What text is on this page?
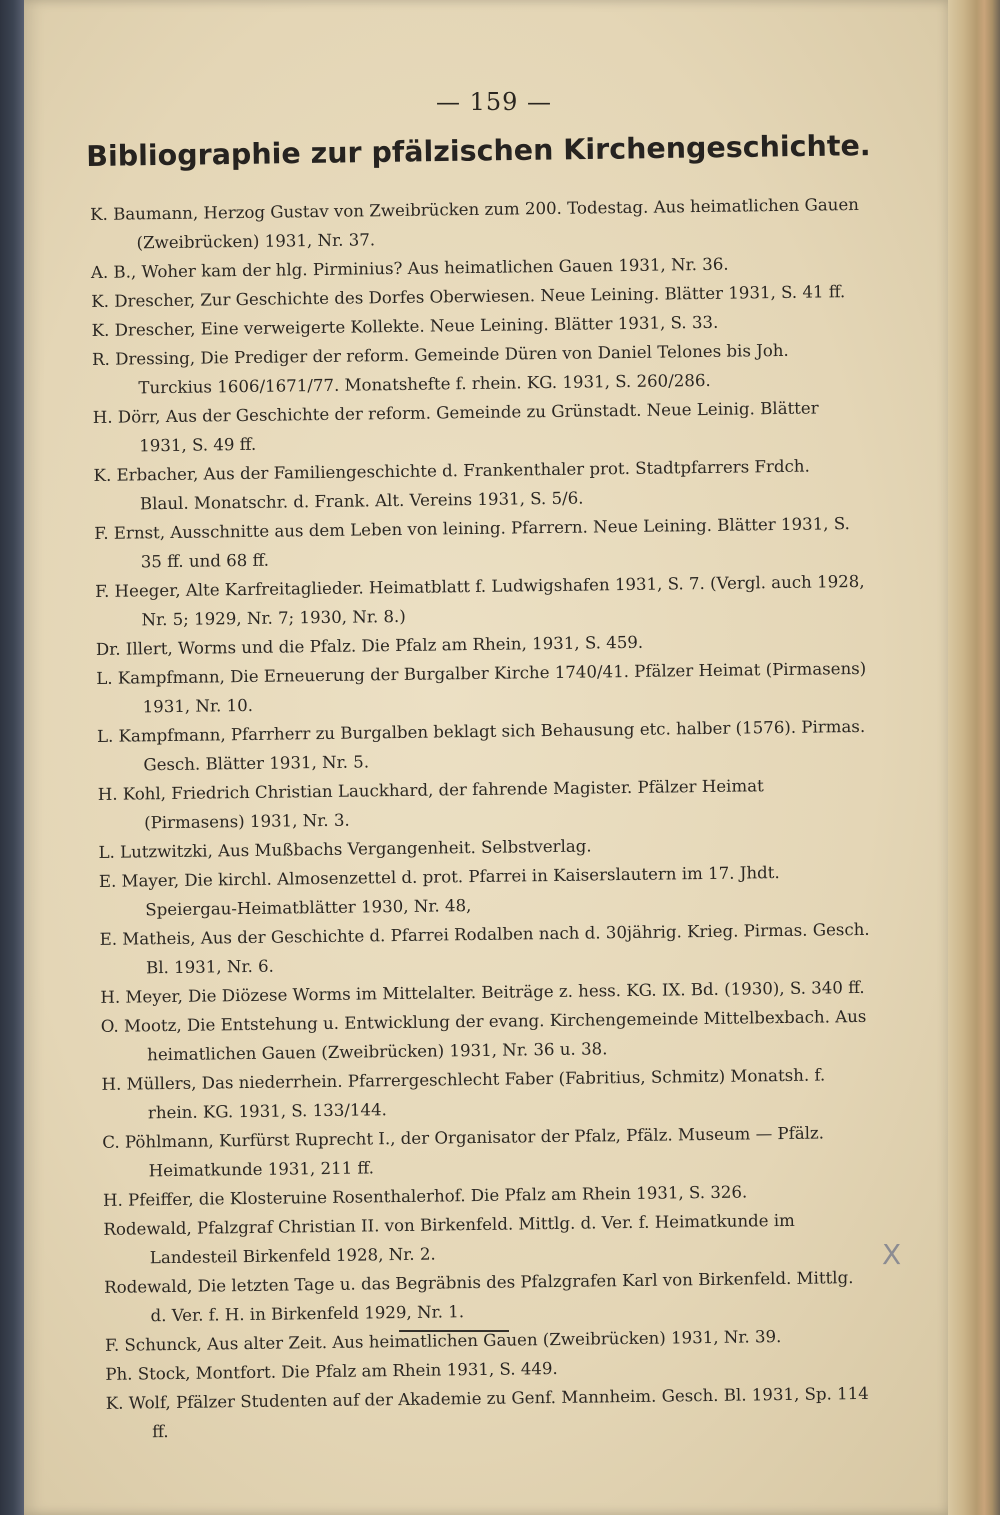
— 159 —
Bibliographie zur pfälzischen Kirchengeschichte.
K. Baumann, Herzog Gustav von Zweibrücken zum 200. Todestag. Aus heimatlichen Gauen (Zweibrücken) 1931, Nr. 37.
A. B., Woher kam der hlg. Pirminius? Aus heimatlichen Gauen 1931, Nr. 36.
K. Drescher, Zur Geschichte des Dorfes Oberwiesen. Neue Leining. Blätter 1931, S. 41 ff.
K. Drescher, Eine verweigerte Kollekte. Neue Leining. Blätter 1931, S. 33.
R. Dressing, Die Prediger der reform. Gemeinde Düren von Daniel Telones bis Joh. Turckius 1606/1671/77. Monatshefte f. rhein. KG. 1931, S. 260/286.
H. Dörr, Aus der Geschichte der reform. Gemeinde zu Grünstadt. Neue Leinig. Blätter 1931, S. 49 ff.
K. Erbacher, Aus der Familiengeschichte d. Frankenthaler prot. Stadtpfarrers Frdch. Blaul. Monatschr. d. Frank. Alt. Vereins 1931, S. 5/6.
F. Ernst, Ausschnitte aus dem Leben von leining. Pfarrern. Neue Leining. Blätter 1931, S. 35 ff. und 68 ff.
F. Heeger, Alte Karfreitaglieder. Heimatblatt f. Ludwigshafen 1931, S. 7. (Vergl. auch 1928, Nr. 5; 1929, Nr. 7; 1930, Nr. 8.)
Dr. Illert, Worms und die Pfalz. Die Pfalz am Rhein, 1931, S. 459.
L. Kampfmann, Die Erneuerung der Burgalber Kirche 1740/41. Pfälzer Heimat (Pirmasens) 1931, Nr. 10.
L. Kampfmann, Pfarrherr zu Burgalben beklagt sich Behausung etc. halber (1576). Pirmas. Gesch. Blätter 1931, Nr. 5.
H. Kohl, Friedrich Christian Lauckhard, der fahrende Magister. Pfälzer Heimat (Pirmasens) 1931, Nr. 3.
L. Lutzwitzki, Aus Mußbachs Vergangenheit. Selbstverlag.
E. Mayer, Die kirchl. Almosenzettel d. prot. Pfarrei in Kaiserslautern im 17. Jhdt. Speiergau-Heimatblätter 1930, Nr. 48,
E. Matheis, Aus der Geschichte d. Pfarrei Rodalben nach d. 30jährig. Krieg. Pirmas. Gesch. Bl. 1931, Nr. 6.
H. Meyer, Die Diözese Worms im Mittelalter. Beiträge z. hess. KG. IX. Bd. (1930), S. 340 ff.
O. Mootz, Die Entstehung u. Entwicklung der evang. Kirchengemeinde Mittelbexbach. Aus heimatlichen Gauen (Zweibrücken) 1931, Nr. 36 u. 38.
H. Müllers, Das niederrhein. Pfarrergeschlecht Faber (Fabritius, Schmitz) Monatsh. f. rhein. KG. 1931, S. 133/144.
C. Pöhlmann, Kurfürst Ruprecht I., der Organisator der Pfalz, Pfälz. Museum — Pfälz. Heimatkunde 1931, 211 ff.
H. Pfeiffer, die Klosteruine Rosenthalerhof. Die Pfalz am Rhein 1931, S. 326.
Rodewald, Pfalzgraf Christian II. von Birkenfeld. Mittlg. d. Ver. f. Heimatkunde im Landesteil Birkenfeld 1928, Nr. 2.
Rodewald, Die letzten Tage u. das Begräbnis des Pfalzgrafen Karl von Birkenfeld. Mittlg. d. Ver. f. H. in Birkenfeld 1929, Nr. 1.
F. Schunck, Aus alter Zeit. Aus heimatlichen Gauen (Zweibrücken) 1931, Nr. 39.
Ph. Stock, Montfort. Die Pfalz am Rhein 1931, S. 449.
K. Wolf, Pfälzer Studenten auf der Akademie zu Genf. Mannheim. Gesch. Bl. 1931, Sp. 114 ff.
X
